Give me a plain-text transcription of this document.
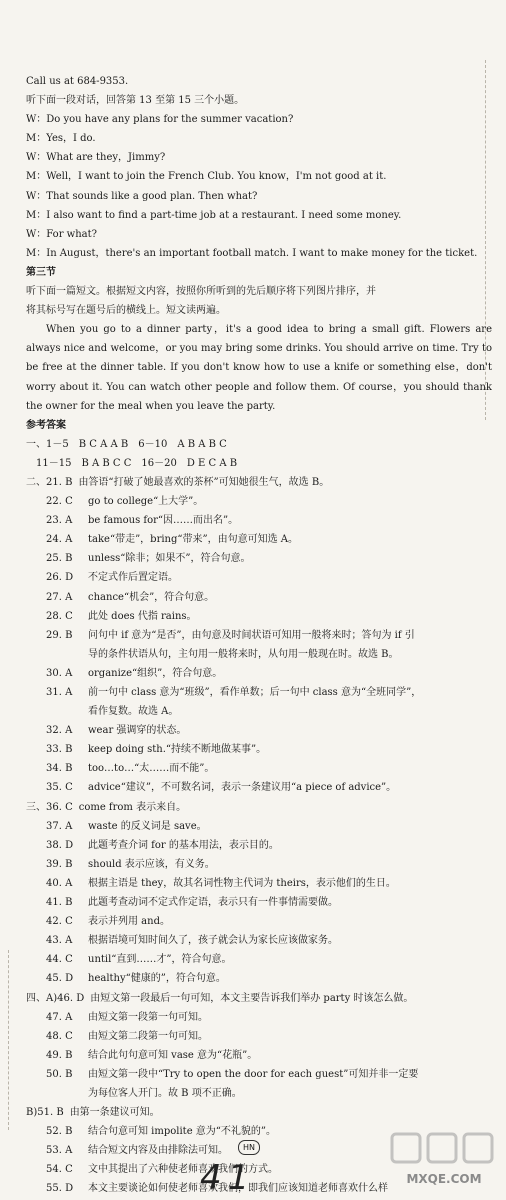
Call us at 684-9353.
听下面一段对话，回答第 13 至第 15 三个小题。
W：Do you have any plans for the summer vacation?
M：Yes，I do.
W：What are they，Jimmy?
M：Well，I want to join the French Club. You know，I'm not good at it.
W：That sounds like a good plan. Then what?
M：I also want to find a part-time job at a restaurant. I need some money.
W：For what?
M：In August，there's an important football match. I want to make money for the ticket.
第三节
听下面一篇短文。根据短文内容，按照你所听到的先后顺序将下列图片排序，并
将其标号写在题号后的横线上。短文读两遍。
When you go to a dinner party，it's a good idea to bring a small gift. Flowers are always nice and welcome，or you may bring some drinks. You should arrive on time. Try to be free at the dinner table. If you don't know how to use a knife or something else，don't worry about it. You can watch other people and follow them. Of course，you should thank the owner for the meal when you leave the party.
参考答案
一、1－5　B C A A B　6－10　A B A B C
11－15　B A B C C　16－20　D E C A B
二、21. B 由答语“打破了她最喜欢的茶杯”可知她很生气，故选 B。
22. C go to college“上大学”。
23. A be famous for“因……而出名”。
24. A take“带走”，bring“带来”，由句意可知选 A。
25. B unless“除非；如果不”，符合句意。
26. D 不定式作后置定语。
27. A chance“机会”，符合句意。
28. C 此处 does 代指 rains。
29. B 问句中 if 意为“是否”，由句意及时间状语可知用一般将来时；答句为 if 引
导的条件状语从句，主句用一般将来时，从句用一般现在时。故选 B。
30. A organize“组织”，符合句意。
31. A 前一句中 class 意为“班级”，看作单数；后一句中 class 意为“全班同学”，
看作复数。故选 A。
32. A wear 强调穿的状态。
33. B keep doing sth.“持续不断地做某事”。
34. B too…to…“太……而不能”。
35. C advice“建议”，不可数名词，表示一条建议用“a piece of advice”。
三、36. C come from 表示来自。
37. A waste 的反义词是 save。
38. D 此题考查介词 for 的基本用法，表示目的。
39. B should 表示应该，有义务。
40. A 根据主语是 they，故其名词性物主代词为 theirs，表示他们的生日。
41. B 此题考查动词不定式作定语，表示只有一件事情需要做。
42. C 表示并列用 and。
43. A 根据语境可知时间久了，孩子就会认为家长应该做家务。
44. C until“直到……才”，符合句意。
45. D healthy“健康的”，符合句意。
四、A)46. D 由短文第一段最后一句可知，本文主要告诉我们举办 party 时该怎么做。
47. A 由短文第一段第一句可知。
48. C 由短文第二段第一句可知。
49. B 结合此句句意可知 vase 意为“花瓶”。
50. B 由短文第一段中“Try to open the door for each guest”可知并非一定要
为每位客人开门。故 B 项不正确。
B)51. B 由第一条建议可知。
52. B 结合句意可知 impolite 意为“不礼貌的”。
53. A 结合短文内容及由排除法可知。
54. C 文中其提出了六种使老师喜欢我们的方式。
55. D 本文主要谈论如何使老师喜欢我们，即我们应该知道老师喜欢什么样
HN
41	MXQE.COM
